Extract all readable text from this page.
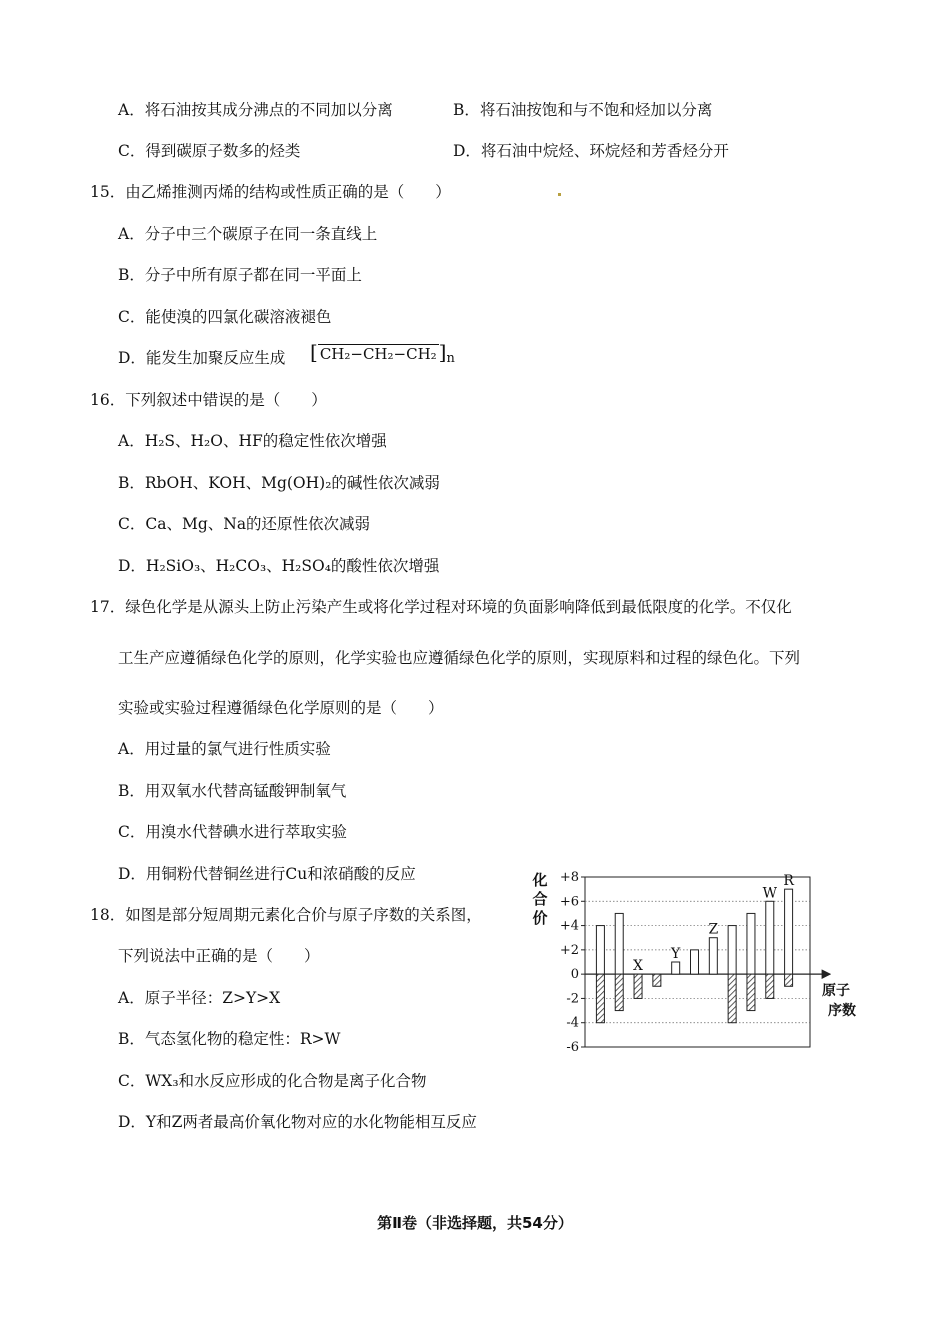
A．将石油按其成分沸点的不同加以分离	B．将石油按饱和与不饱和烃加以分离
C．得到碳原子数多的烃类	D．将石油中烷烃、环烷烃和芳香烃分开
15．由乙烯推测丙烯的结构或性质正确的是（　　）
A．分子中三个碳原子在同一条直线上
B．分子中所有原子都在同一平面上
C．能使溴的四氯化碳溶液褪色
D．能发生加聚反应生成 [ CH₂−CH₂−CH₂ ]$_n$
16．下列叙述中错误的是（　　）
A．H₂S、H₂O、HF的稳定性依次增强
B．RbOH、KOH、Mg(OH)₂的碱性依次减弱
C．Ca、Mg、Na的还原性依次减弱
D．H₂SiO₃、H₂CO₃、H₂SO₄的酸性依次增强
17．绿色化学是从源头上防止污染产生或将化学过程对环境的负面影响降低到最低限度的化学。不仅化
工生产应遵循绿色化学的原则，化学实验也应遵循绿色化学的原则，实现原料和过程的绿色化。下列
实验或实验过程遵循绿色化学原则的是（　　）
A．用过量的氯气进行性质实验
B．用双氧水代替高锰酸钾制氧气
C．用溴水代替碘水进行萃取实验
D．用铜粉代替铜丝进行Cu和浓硝酸的反应
18．如图是部分短周期元素化合价与原子序数的关系图，
下列说法中正确的是（　　）
A．原子半径：Z>Y>X
B．气态氢化物的稳定性：R>W
C．WX₃和水反应形成的化合物是离子化合物
D．Y和Z两者最高价氧化物对应的水化物能相互反应
+8
+6
+4
+2
0
-2
-4
-6
化
合
价
原子
序数
X
Y
Z
W
R
第Ⅱ卷（非选择题，共54分）
